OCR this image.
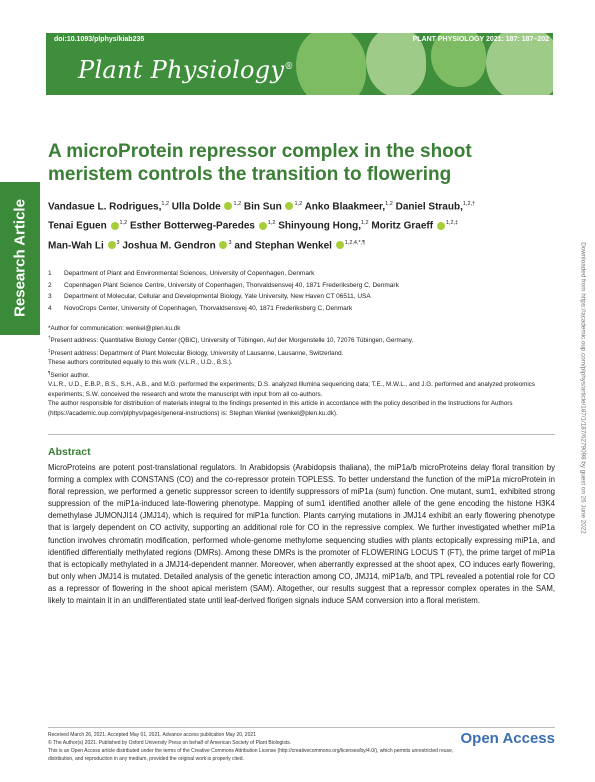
doi:10.1093/plphys/kiab235	PLANT PHYSIOLOGY 2021: 187: 187–202
Plant Physiology®
Research Article	Downloaded from https://academic.oup.com/plphys/article/187/1/187/6279098 by guest on 26 June 2022
A microProtein repressor complex in the shoot meristem controls the transition to flowering
Vandasue L. Rodrigues,$^{1,2}$ Ulla Dolde $^{1,2}$ Bin Sun $^{1,2}$ Anko Blaakmeer,$^{1,2}$ Daniel Straub,$^{1,2,\dagger}$
Tenai Eguen $^{1,2}$ Esther Botterweg-Paredes $^{1,2}$ Shinyoung Hong,$^{1,2}$ Moritz Graeff $^{1,2,\ddagger}$
Man-Wah Li $^3$ Joshua M. Gendron $^3$ and Stephan Wenkel $^{1,2,4,*,\P}$
1 Department of Plant and Environmental Sciences, University of Copenhagen, Denmark
2 Copenhagen Plant Science Centre, University of Copenhagen, Thorvaldsensvej 40, 1871 Frederiksberg C, Denmark
3 Department of Molecular, Cellular and Developmental Biology, Yale University, New Haven CT 06511, USA
4 NovoCrops Center, University of Copenhagen, Thorvaldsensvej 40, 1871 Frederiksberg C, Denmark

*Author for communication: wenkel@plen.ku.dk

†Present address: Quantitative Biology Center (QBiC), University of Tübingen, Auf der Morgenstelle 10, 72076 Tübingen, Germany.

‡Present address: Department of Plant Molecular Biology, University of Lausanne, Lausanne, Switzerland.

These authors contributed equally to this work (V.L.R., U.D., B.S.).

¶Senior author.

V.L.R., U.D., E.B.P., B.S., S.H., A.B., and M.G. performed the experiments; D.S. analyzed Illumina sequencing data; T.E., M.W.L., and J.G. performed and analyzed proteomics experiments; S.W. conceived the research and wrote the manuscript with input from all co-authors.

The author responsible for distribution of materials integral to the findings presented in this article in accordance with the policy described in the Instructions for Authors (https://academic.oup.com/plphys/pages/general-instructions) is: Stephan Wenkel (wenkel@plen.ku.dk).

Abstract

MicroProteins are potent post-translational regulators. In Arabidopsis (Arabidopsis thaliana), the miP1a/b microProteins delay floral transition by forming a complex with CONSTANS (CO) and the co-repressor protein TOPLESS. To better understand the function of the miP1a microProtein in floral repression, we performed a genetic suppressor screen to identify suppressors of miP1a (sum) function. One mutant, sum1, exhibited strong suppression of the miP1a-induced late-flowering phenotype. Mapping of sum1 identified another allele of the gene encoding the histone H3K4 demethylase JUMONJI14 (JMJ14), which is required for miP1a function. Plants carrying mutations in JMJ14 exhibit an early flowering phenotype that is largely dependent on CO activity, supporting an additional role for CO in the repressive complex. We further investigated whether miP1a function involves chromatin modification, performed whole-genome methylome sequencing studies with plants ectopically expressing miP1a, and identified differentially methylated regions (DMRs). Among these DMRs is the promoter of FLOWERING LOCUS T (FT), the prime target of miP1a that is ectopically methylated in a JMJ14-dependent manner. Moreover, when aberrantly expressed at the shoot apex, CO induces early flowering, but only when JMJ14 is mutated. Detailed analysis of the genetic interaction among CO, JMJ14, miP1a/b, and TPL revealed a potential role for CO as a repressor of flowering in the shoot apical meristem (SAM). Altogether, our results suggest that a repressor complex operates in the SAM, likely to maintain it in an undifferentiated state until leaf-derived florigen signals induce SAM conversion into a floral meristem.

Received March 26, 2021. Accepted May 01, 2021. Advance access publication May 20, 2021

© The Author(s) 2021. Published by Oxford University Press on behalf of American Society of Plant Biologists.

This is an Open Access article distributed under the terms of the Creative Commons Attribution License (http://creativecommons.org/licenses/by/4.0/), which permits unrestricted reuse, distribution, and reproduction in any medium, provided the original work is properly cited.

Open Access
